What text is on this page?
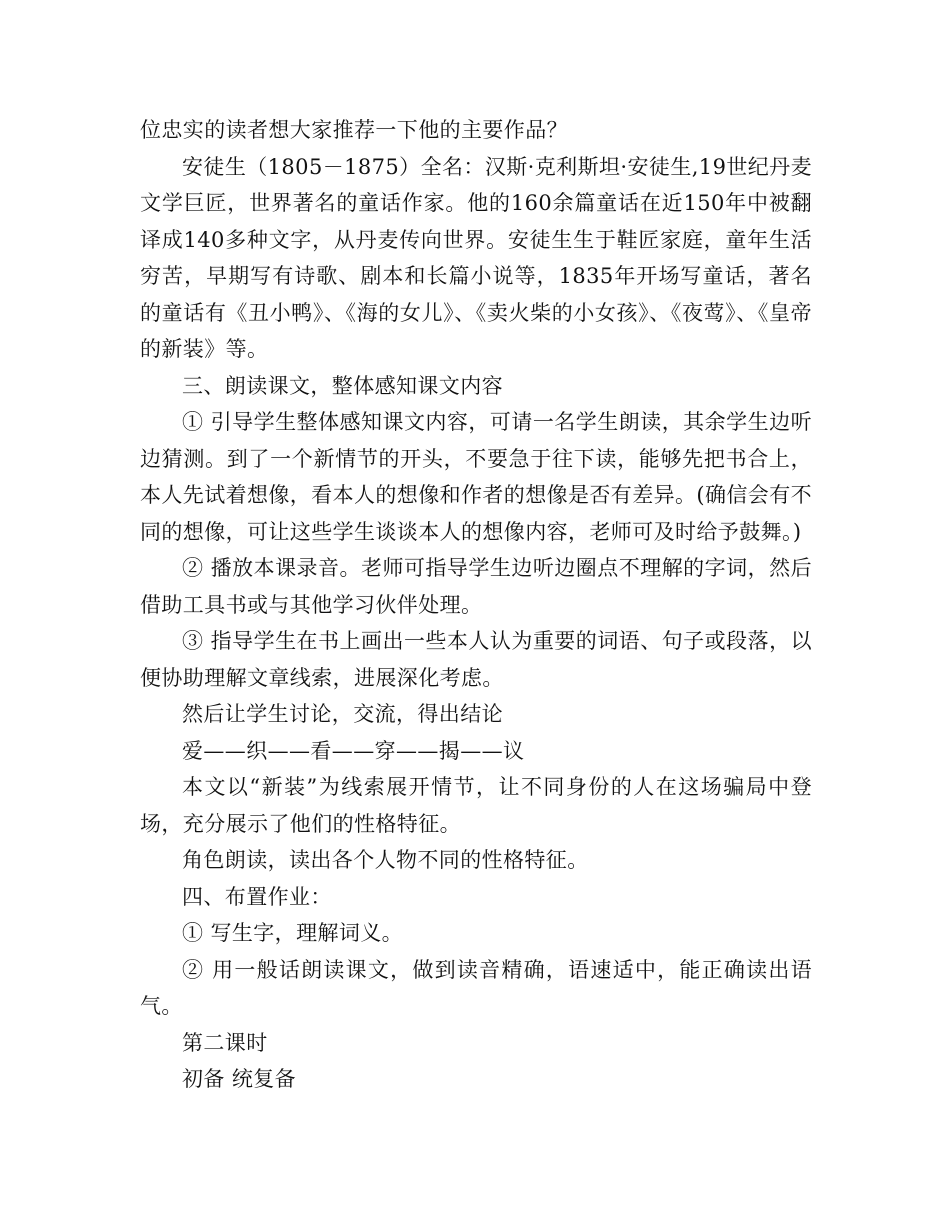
位忠实的读者想大家推荐一下他的主要作品？

安徒生（1805－1875）全名：汉斯·克利斯坦·安徒生,19世纪丹麦文学巨匠，世界著名的童话作家。他的160余篇童话在近150年中被翻译成140多种文字，从丹麦传向世界。安徒生生于鞋匠家庭，童年生活穷苦，早期写有诗歌、剧本和长篇小说等，1835年开场写童话，著名的童话有《丑小鸭》、《海的女儿》、《卖火柴的小女孩》、《夜莺》、《皇帝的新装》等。

三、朗读课文，整体感知课文内容

① 引导学生整体感知课文内容，可请一名学生朗读，其余学生边听边猜测。到了一个新情节的开头，不要急于往下读，能够先把书合上，本人先试着想像，看本人的想像和作者的想像是否有差异。(确信会有不同的想像，可让这些学生谈谈本人的想像内容，老师可及时给予鼓舞。)

② 播放本课录音。老师可指导学生边听边圈点不理解的字词，然后借助工具书或与其他学习伙伴处理。

③ 指导学生在书上画出一些本人认为重要的词语、句子或段落，以便协助理解文章线索，进展深化考虑。

然后让学生讨论，交流，得出结论

爱——织——看——穿——揭——议

本文以“新装”为线索展开情节，让不同身份的人在这场骗局中登场，充分展示了他们的性格特征。

角色朗读，读出各个人物不同的性格特征。

四、布置作业：

① 写生字，理解词义。

② 用一般话朗读课文，做到读音精确，语速适中，能正确读出语气。

第二课时

初备 统复备
